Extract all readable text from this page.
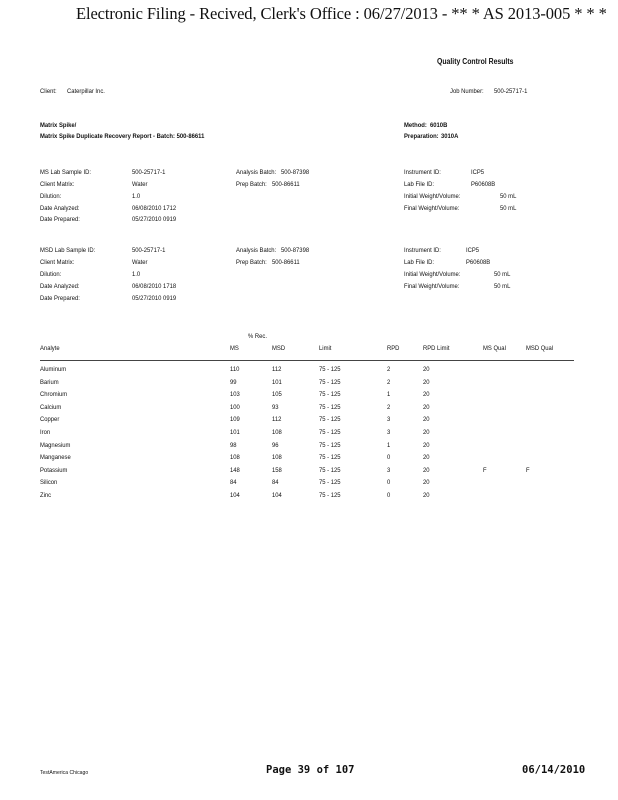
Electronic Filing - Recived, Clerk's Office : 06/27/2013 - ** * AS 2013-005 * * *
Quality Control Results
Client: Caterpillar Inc.	Job Number: 500-25717-1
Matrix Spike/
Matrix Spike Duplicate Recovery Report - Batch: 500-86611
Method: 6010B
Preparation: 3010A
MS Lab Sample ID:	500-25717-1
Client Matrix:	Water
Dilution:	1.0
Date Analyzed:	06/08/2010 1712
Date Prepared:	05/27/2010 0919
Analysis Batch: 500-87398
Prep Batch: 500-86611
Instrument ID:	ICP5
Lab File ID:	P60608B
Initial Weight/Volume:	50 mL
Final Weight/Volume:	50 mL
MSD Lab Sample ID:	500-25717-1
Client Matrix:	Water
Dilution:	1.0
Date Analyzed:	06/08/2010 1718
Date Prepared:	05/27/2010 0919
Analysis Batch: 500-87398
Prep Batch: 500-86611
Instrument ID:	ICP5
Lab File ID:	P60608B
Initial Weight/Volume:	50 mL
Final Weight/Volume:	50 mL
% Rec.
Analyte	MS	MSD	Limit	RPD	RPD Limit	MS Qual	MSD Qual
Aluminum	110	112	75 - 125	2	20
Barium	99	101	75 - 125	2	20
Chromium	103	105	75 - 125	1	20
Calcium	100	93	75 - 125	2	20
Copper	109	112	75 - 125	3	20
Iron	101	108	75 - 125	3	20
Magnesium	98	96	75 - 125	1	20
Manganese	108	108	75 - 125	0	20
Potassium	148	158	75 - 125	3	20	F	F
Silicon	84	84	75 - 125	0	20
Zinc	104	104	75 - 125	0	20
TestAmerica Chicago	Page 39 of 107	06/14/2010
